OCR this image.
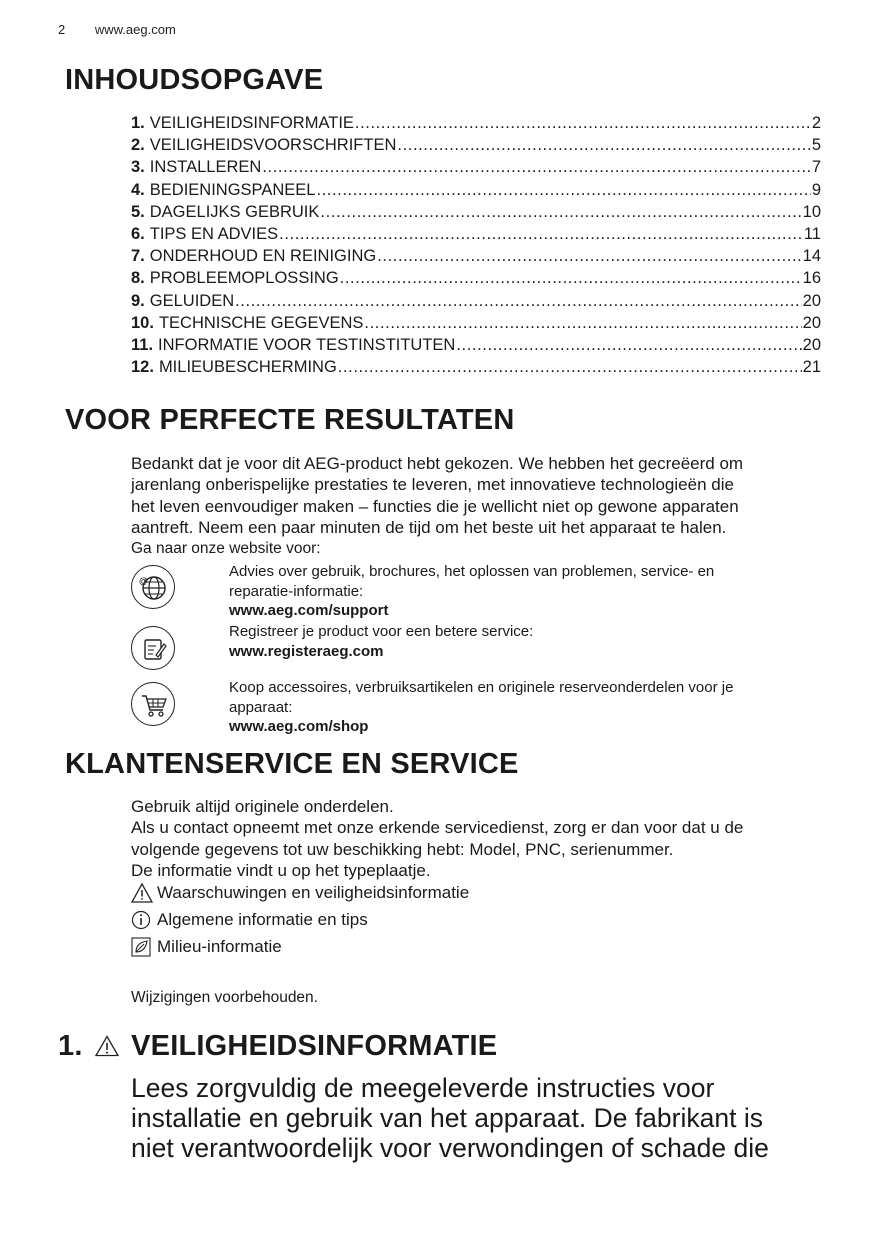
2 www.aeg.com
INHOUDSOPGAVE
1. VEILIGHEIDSINFORMATIE .....	2
2. VEILIGHEIDSVOORSCHRIFTEN .....	5
3. INSTALLEREN .....	7
4. BEDIENINGSPANEEL .....	9
5. DAGELIJKS GEBRUIK .....	10
6. TIPS EN ADVIES .....	11
7. ONDERHOUD EN REINIGING .....	14
8. PROBLEEMOPLOSSING .....	16
9. GELUIDEN .....	20
10. TECHNISCHE GEGEVENS .....	20
11. INFORMATIE VOOR TESTINSTITUTEN .....	20
12. MILIEUBESCHERMING .....	21
VOOR PERFECTE RESULTATEN
Bedankt dat je voor dit AEG-product hebt gekozen. We hebben het gecreëerd om
jarenlang onberispelijke prestaties te leveren, met innovatieve technologieën die
het leven eenvoudiger maken – functies die je wellicht niet op gewone apparaten
aantreft. Neem een paar minuten de tijd om het beste uit het apparaat te halen.
Ga naar onze website voor:
@
Advies over gebruik, brochures, het oplossen van problemen, service- en
reparatie-informatie:
www.aeg.com/support
Registreer je product voor een betere service:
www.registeraeg.com
Koop accessoires, verbruiksartikelen en originele reserveonderdelen voor je
apparaat:
www.aeg.com/shop
KLANTENSERVICE EN SERVICE
Gebruik altijd originele onderdelen.
Als u contact opneemt met onze erkende servicedienst, zorg er dan voor dat u de
volgende gegevens tot uw beschikking hebt: Model, PNC, serienummer.
De informatie vindt u op het typeplaatje.
Waarschuwingen en veiligheidsinformatie
Algemene informatie en tips
Milieu-informatie
Wijzigingen voorbehouden.
1. VEILIGHEIDSINFORMATIE
Lees zorgvuldig de meegeleverde instructies voor
installatie en gebruik van het apparaat. De fabrikant is
niet verantwoordelijk voor verwondingen of schade die
